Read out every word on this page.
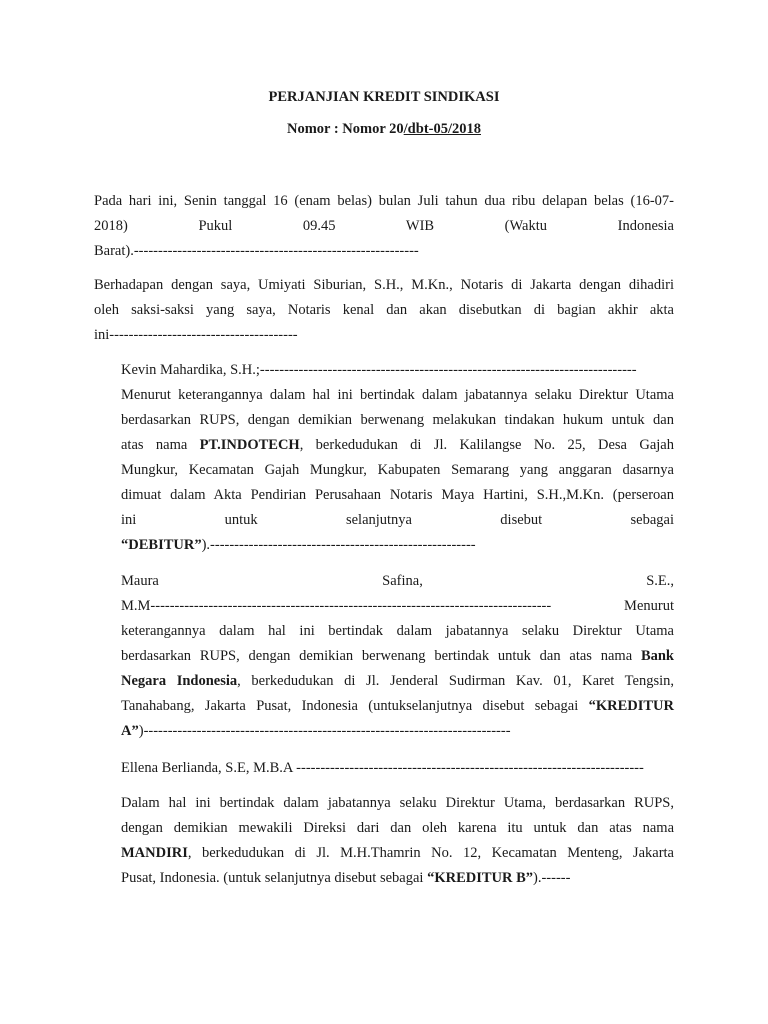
PERJANJIAN KREDIT SINDIKASI
Nomor : Nomor 20/dbt-05/2018
Pada hari ini, Senin tanggal 16 (enam belas) bulan Juli tahun dua ribu delapan belas (16-07-
2018) Pukul 09.45 WIB (Waktu Indonesia
Barat).-----------------------------------------------------------
Berhadapan dengan saya, Umiyati Siburian, S.H., M.Kn., Notaris di Jakarta dengan dihadiri
oleh saksi-saksi yang saya, Notaris kenal dan akan disebutkan di bagian akhir akta
ini---------------------------------------
Kevin Mahardika, S.H.;------------------------------------------------------------------------------
Menurut keterangannya dalam hal ini bertindak dalam jabatannya selaku Direktur Utama
berdasarkan RUPS, dengan demikian berwenang melakukan tindakan hukum untuk dan
atas nama PT.INDOTECH, berkedudukan di Jl. Kalilangse No. 25, Desa Gajah
Mungkur, Kecamatan Gajah Mungkur, Kabupaten Semarang yang anggaran dasarnya
dimuat dalam Akta Pendirian Perusahaan Notaris Maya Hartini, S.H.,M.Kn. (perseroan
ini untuk selanjutnya disebut sebagai
“DEBITUR”).-------------------------------------------------------
Maura Safina, S.E.,
M.M----------------------------------------------------------------------------------- Menurut
keterangannya dalam hal ini bertindak dalam jabatannya selaku Direktur Utama
berdasarkan RUPS, dengan demikian berwenang bertindak untuk dan atas nama Bank
Negara Indonesia, berkedudukan di Jl. Jenderal Sudirman Kav. 01, Karet Tengsin,
Tanahabang, Jakarta Pusat, Indonesia (untukselanjutnya disebut sebagai “KREDITUR
A”)----------------------------------------------------------------------------
Ellena Berlianda, S.E, M.B.A ------------------------------------------------------------------------
Dalam hal ini bertindak dalam jabatannya selaku Direktur Utama, berdasarkan RUPS,
dengan demikian mewakili Direksi dari dan oleh karena itu untuk dan atas nama
MANDIRI, berkedudukan di Jl. M.H.Thamrin No. 12, Kecamatan Menteng, Jakarta
Pusat, Indonesia. (untuk selanjutnya disebut sebagai “KREDITUR B”).------
